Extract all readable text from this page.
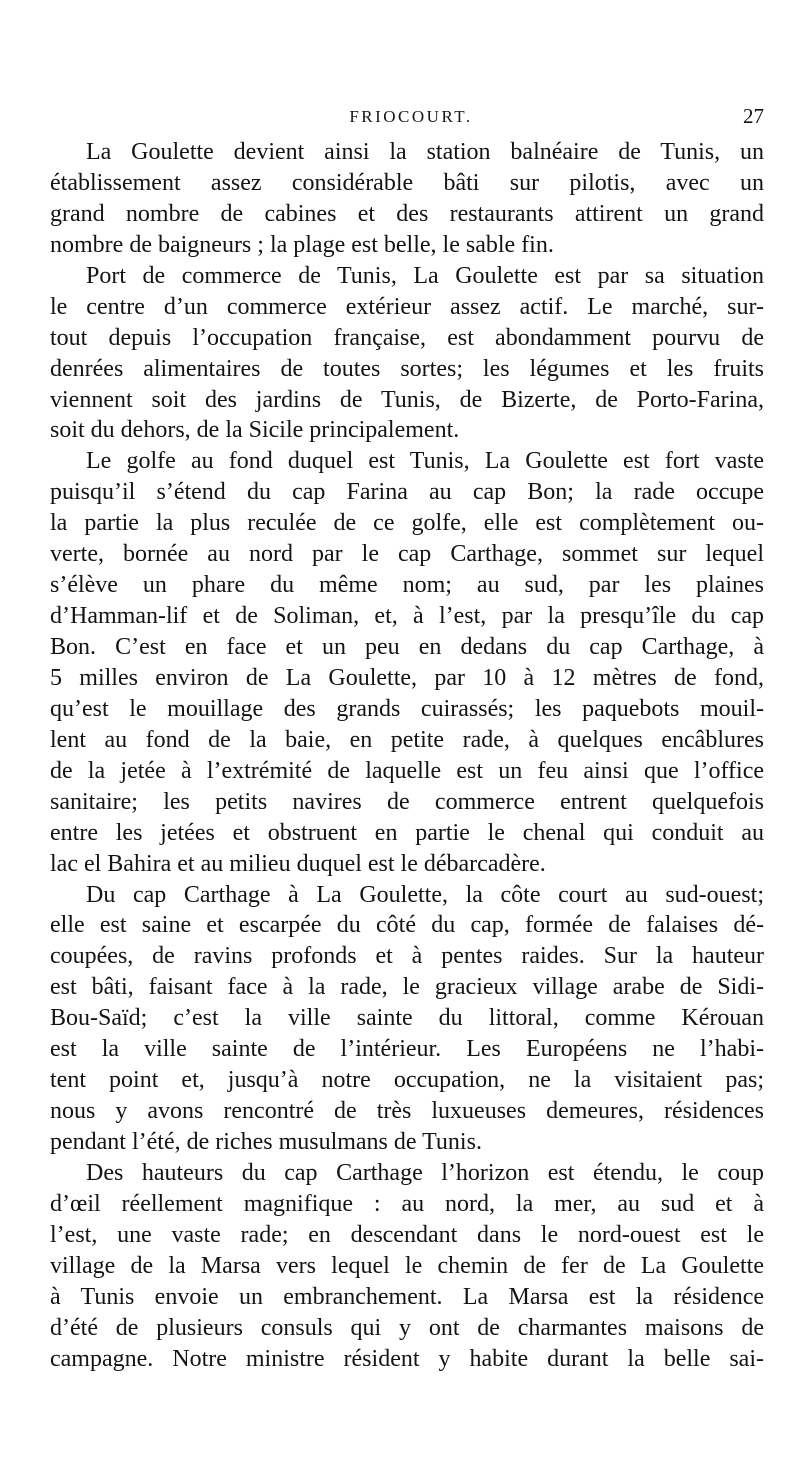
FRIOCOURT.	27
La Goulette devient ainsi la station balnéaire de Tunis, un
établissement assez considérable bâti sur pilotis, avec un
grand nombre de cabines et des restaurants attirent un grand
nombre de baigneurs ; la plage est belle, le sable fin.
Port de commerce de Tunis, La Goulette est par sa situation
le centre d’un commerce extérieur assez actif. Le marché, sur-
tout depuis l’occupation française, est abondamment pourvu de
denrées alimentaires de toutes sortes; les légumes et les fruits
viennent soit des jardins de Tunis, de Bizerte, de Porto-Farina,
soit du dehors, de la Sicile principalement.
Le golfe au fond duquel est Tunis, La Goulette est fort vaste
puisqu’il s’étend du cap Farina au cap Bon; la rade occupe
la partie la plus reculée de ce golfe, elle est complètement ou-
verte, bornée au nord par le cap Carthage, sommet sur lequel
s’élève un phare du même nom; au sud, par les plaines
d’Hamman-lif et de Soliman, et, à l’est, par la presqu’île du cap
Bon. C’est en face et un peu en dedans du cap Carthage, à
5 milles environ de La Goulette, par 10 à 12 mètres de fond,
qu’est le mouillage des grands cuirassés; les paquebots mouil-
lent au fond de la baie, en petite rade, à quelques encâblures
de la jetée à l’extrémité de laquelle est un feu ainsi que l’office
sanitaire; les petits navires de commerce entrent quelquefois
entre les jetées et obstruent en partie le chenal qui conduit au
lac el Bahira et au milieu duquel est le débarcadère.
Du cap Carthage à La Goulette, la côte court au sud-ouest;
elle est saine et escarpée du côté du cap, formée de falaises dé-
coupées, de ravins profonds et à pentes raides. Sur la hauteur
est bâti, faisant face à la rade, le gracieux village arabe de Sidi-
Bou-Saïd; c’est la ville sainte du littoral, comme Kérouan
est la ville sainte de l’intérieur. Les Européens ne l’habi-
tent point et, jusqu’à notre occupation, ne la visitaient pas;
nous y avons rencontré de très luxueuses demeures, résidences
pendant l’été, de riches musulmans de Tunis.
Des hauteurs du cap Carthage l’horizon est étendu, le coup
d’œil réellement magnifique : au nord, la mer, au sud et à
l’est, une vaste rade; en descendant dans le nord-ouest est le
village de la Marsa vers lequel le chemin de fer de La Goulette
à Tunis envoie un embranchement. La Marsa est la résidence
d’été de plusieurs consuls qui y ont de charmantes maisons de
campagne. Notre ministre résident y habite durant la belle sai-
